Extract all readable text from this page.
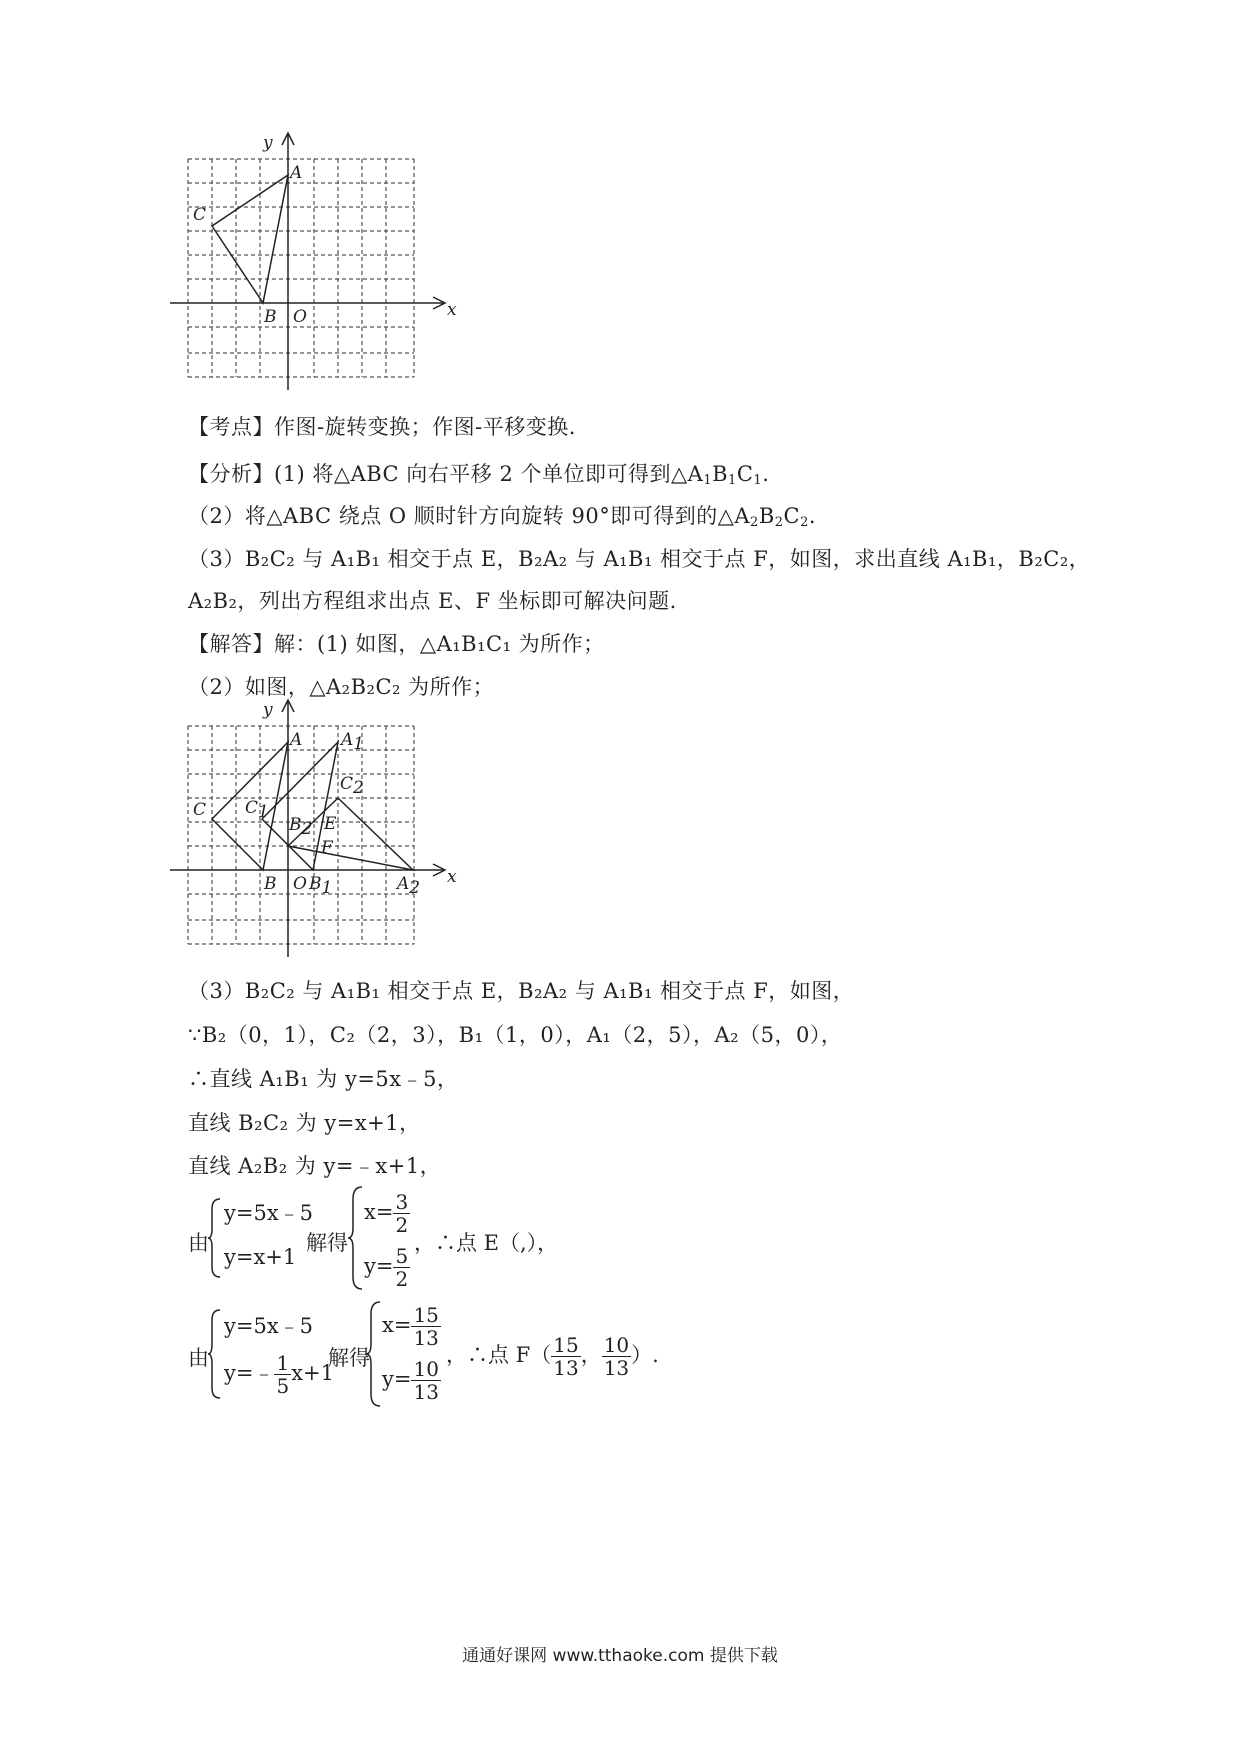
y
x
A
C
B O
【考点】作图-旋转变换；作图-平移变换.
【分析】(1) 将△ABC 向右平移 2 个单位即可得到$\triangle A_1B_1C_1$.
（2）将△ABC 绕点 O 顺时针方向旋转 90°即可得到的$\triangle A_2B_2C_2$.
（3）B₂C₂ 与 A₁B₁ 相交于点 E，B₂A₂ 与 A₁B₁ 相交于点 F，如图，求出直线 A₁B₁，B₂C₂，
A₂B₂，列出方程组求出点 E、F 坐标即可解决问题.
【解答】解：(1) 如图，△A₁B₁C₁ 为所作；
（2）如图，△A₂B₂C₂ 为所作；
y
x
A A1
C2
C C1
B2 E
F
B O B1	A2
（3）B₂C₂ 与 A₁B₁ 相交于点 E，B₂A₂ 与 A₁B₁ 相交于点 F，如图，
∵B₂（0，1），C₂（2，3），B₁（1，0），A₁（2，5），A₂（5，0），
∴直线 A₁B₁ 为 y=5x﹣5，
直线 B₂C₂ 为 y=x+1，
直线 A₂B₂ 为 y=﹣x+1，
由
y=5x﹣5
y=x+1
解得
$x= \frac{3}{2}$
$y= \frac{5}{2}$
，∴点 E（,），
由
y=5x﹣5
y=﹣ $\frac{1}{5} x+1$
解得
$x= \frac{15}{13}$
$y= \frac{10}{13}$
，∴点 $F( \frac{15}{13}$ ， $\frac{10}{13}$ ）.
通通好课网 www.tthaoke.com 提供下载
